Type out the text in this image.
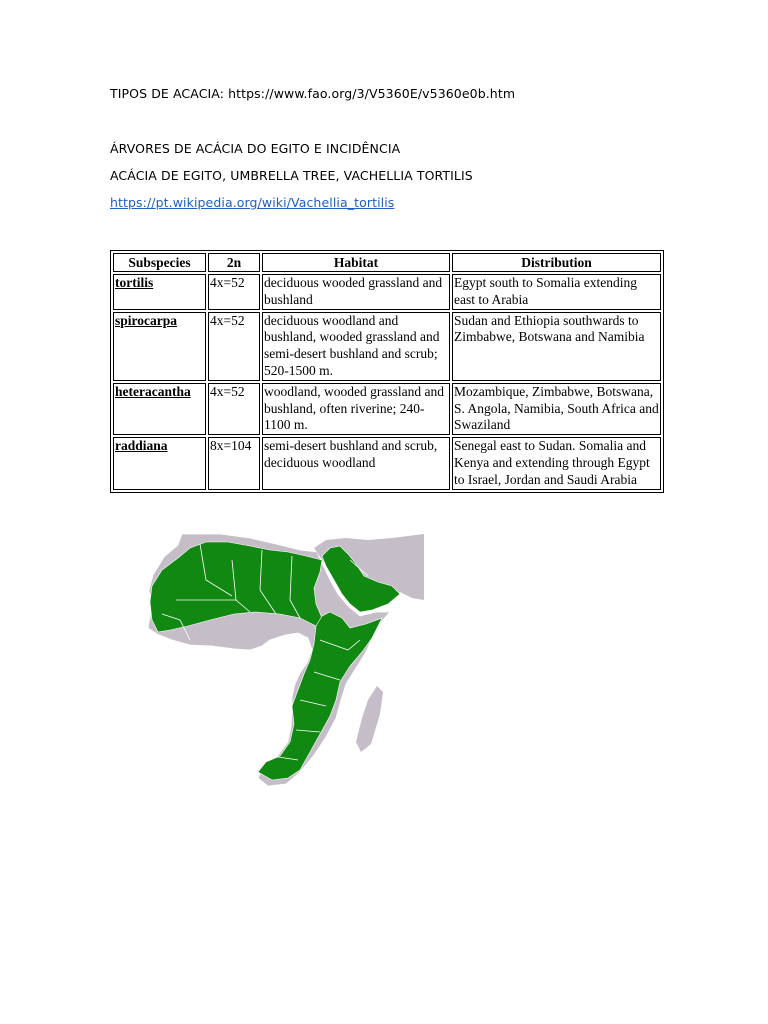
TIPOS DE ACACIA: https://www.fao.org/3/V5360E/v5360e0b.htm
ÁRVORES DE ACÁCIA DO EGITO E INCIDÊNCIA
ACÁCIA DE EGITO, UMBRELLA TREE, VACHELLIA TORTILIS
https://pt.wikipedia.org/wiki/Vachellia_tortilis
Subspecies	2n	Habitat	Distribution
tortilis	4x=52	deciduous wooded grassland and bushland	Egypt south to Somalia extending east to Arabia
spirocarpa	4x=52	deciduous woodland and bushland, wooded grassland and semi-desert bushland and scrub; 520-1500 m.	Sudan and Ethiopia southwards to Zimbabwe, Botswana and Namibia
heteracantha	4x=52	woodland, wooded grassland and bushland, often riverine; 240-1100 m.	Mozambique, Zimbabwe, Botswana, S. Angola, Namibia, South Africa and Swaziland
raddiana	8x=104	semi-desert bushland and scrub, deciduous woodland	Senegal east to Sudan. Somalia and Kenya and extending through Egypt to Israel, Jordan and Saudi Arabia
